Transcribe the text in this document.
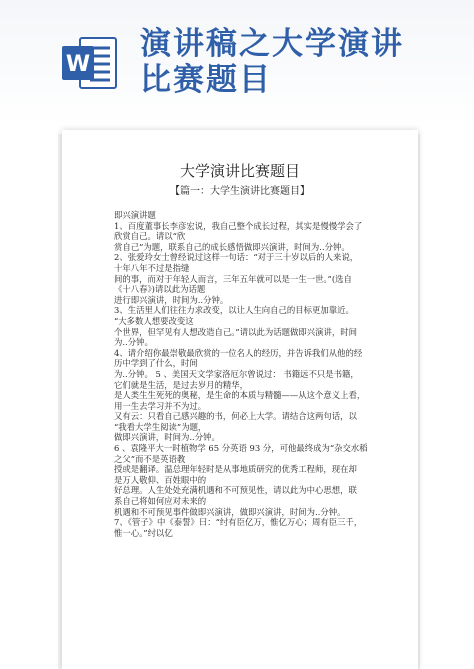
W
演讲稿之大学演讲
比赛题目
大学演讲比赛题目
【篇一：大学生演讲比赛题目】
即兴演讲题
1、百度董事长李彦宏说，我自己整个成长过程，其实是慢慢学会了
欣赏自己。请以“欣
赏自己”为题，联系自己的成长感悟做即兴演讲，时间为..分钟。
2、张爱玲女士曾经说过这样一句话：“对于三十岁以后的人来说，
十年八年不过是指缝
间的事，而对于年轻人而言，三年五年就可以是一生一世。”(选自
《十八春》)请以此为话题
进行即兴演讲，时间为..分钟。
3、生活里人们往往力求改变，以让人生向自己的目标更加靠近。
“大多数人想要改变这
个世界，但罕见有人想改造自己。”请以此为话题做即兴演讲，时间
为..分钟。
4、请介绍你最崇敬最欣赏的一位名人的经历，并告诉我们从他的经
历中学到了什么，时间
为..分钟。 5 、美国天文学家洛厄尔曾说过： 书籍远不只是书籍，
它们就是生活，是过去岁月的精华，
是人类生生死死的奥秘，是生命的本质与精髓——从这个意义上看，
用一生去学习并不为过。
又有云：只看自己感兴趣的书，何必上大学。请结合这两句话，以
“我看大学生阅读”为题，
做即兴演讲，时间为..分钟。
6 、袁隆平大一时植物学 65 分英语 93 分，可他最终成为“杂交水稻
之父”而不是英语教
授或是翻译。温总理年轻时是从事地质研究的优秀工程师，现在却
是万人敬仰、百姓眼中的
好总理。人生处处充满机遇和不可预见性，请以此为中心思想，联
系自己将如何应对未来的
机遇和不可预见事件做即兴演讲，做即兴演讲，时间为..分钟。
7、《管子》中《泰誓》曰：“纣有臣亿万，惟亿万心；周有臣三千，
惟一心。”纣以亿
